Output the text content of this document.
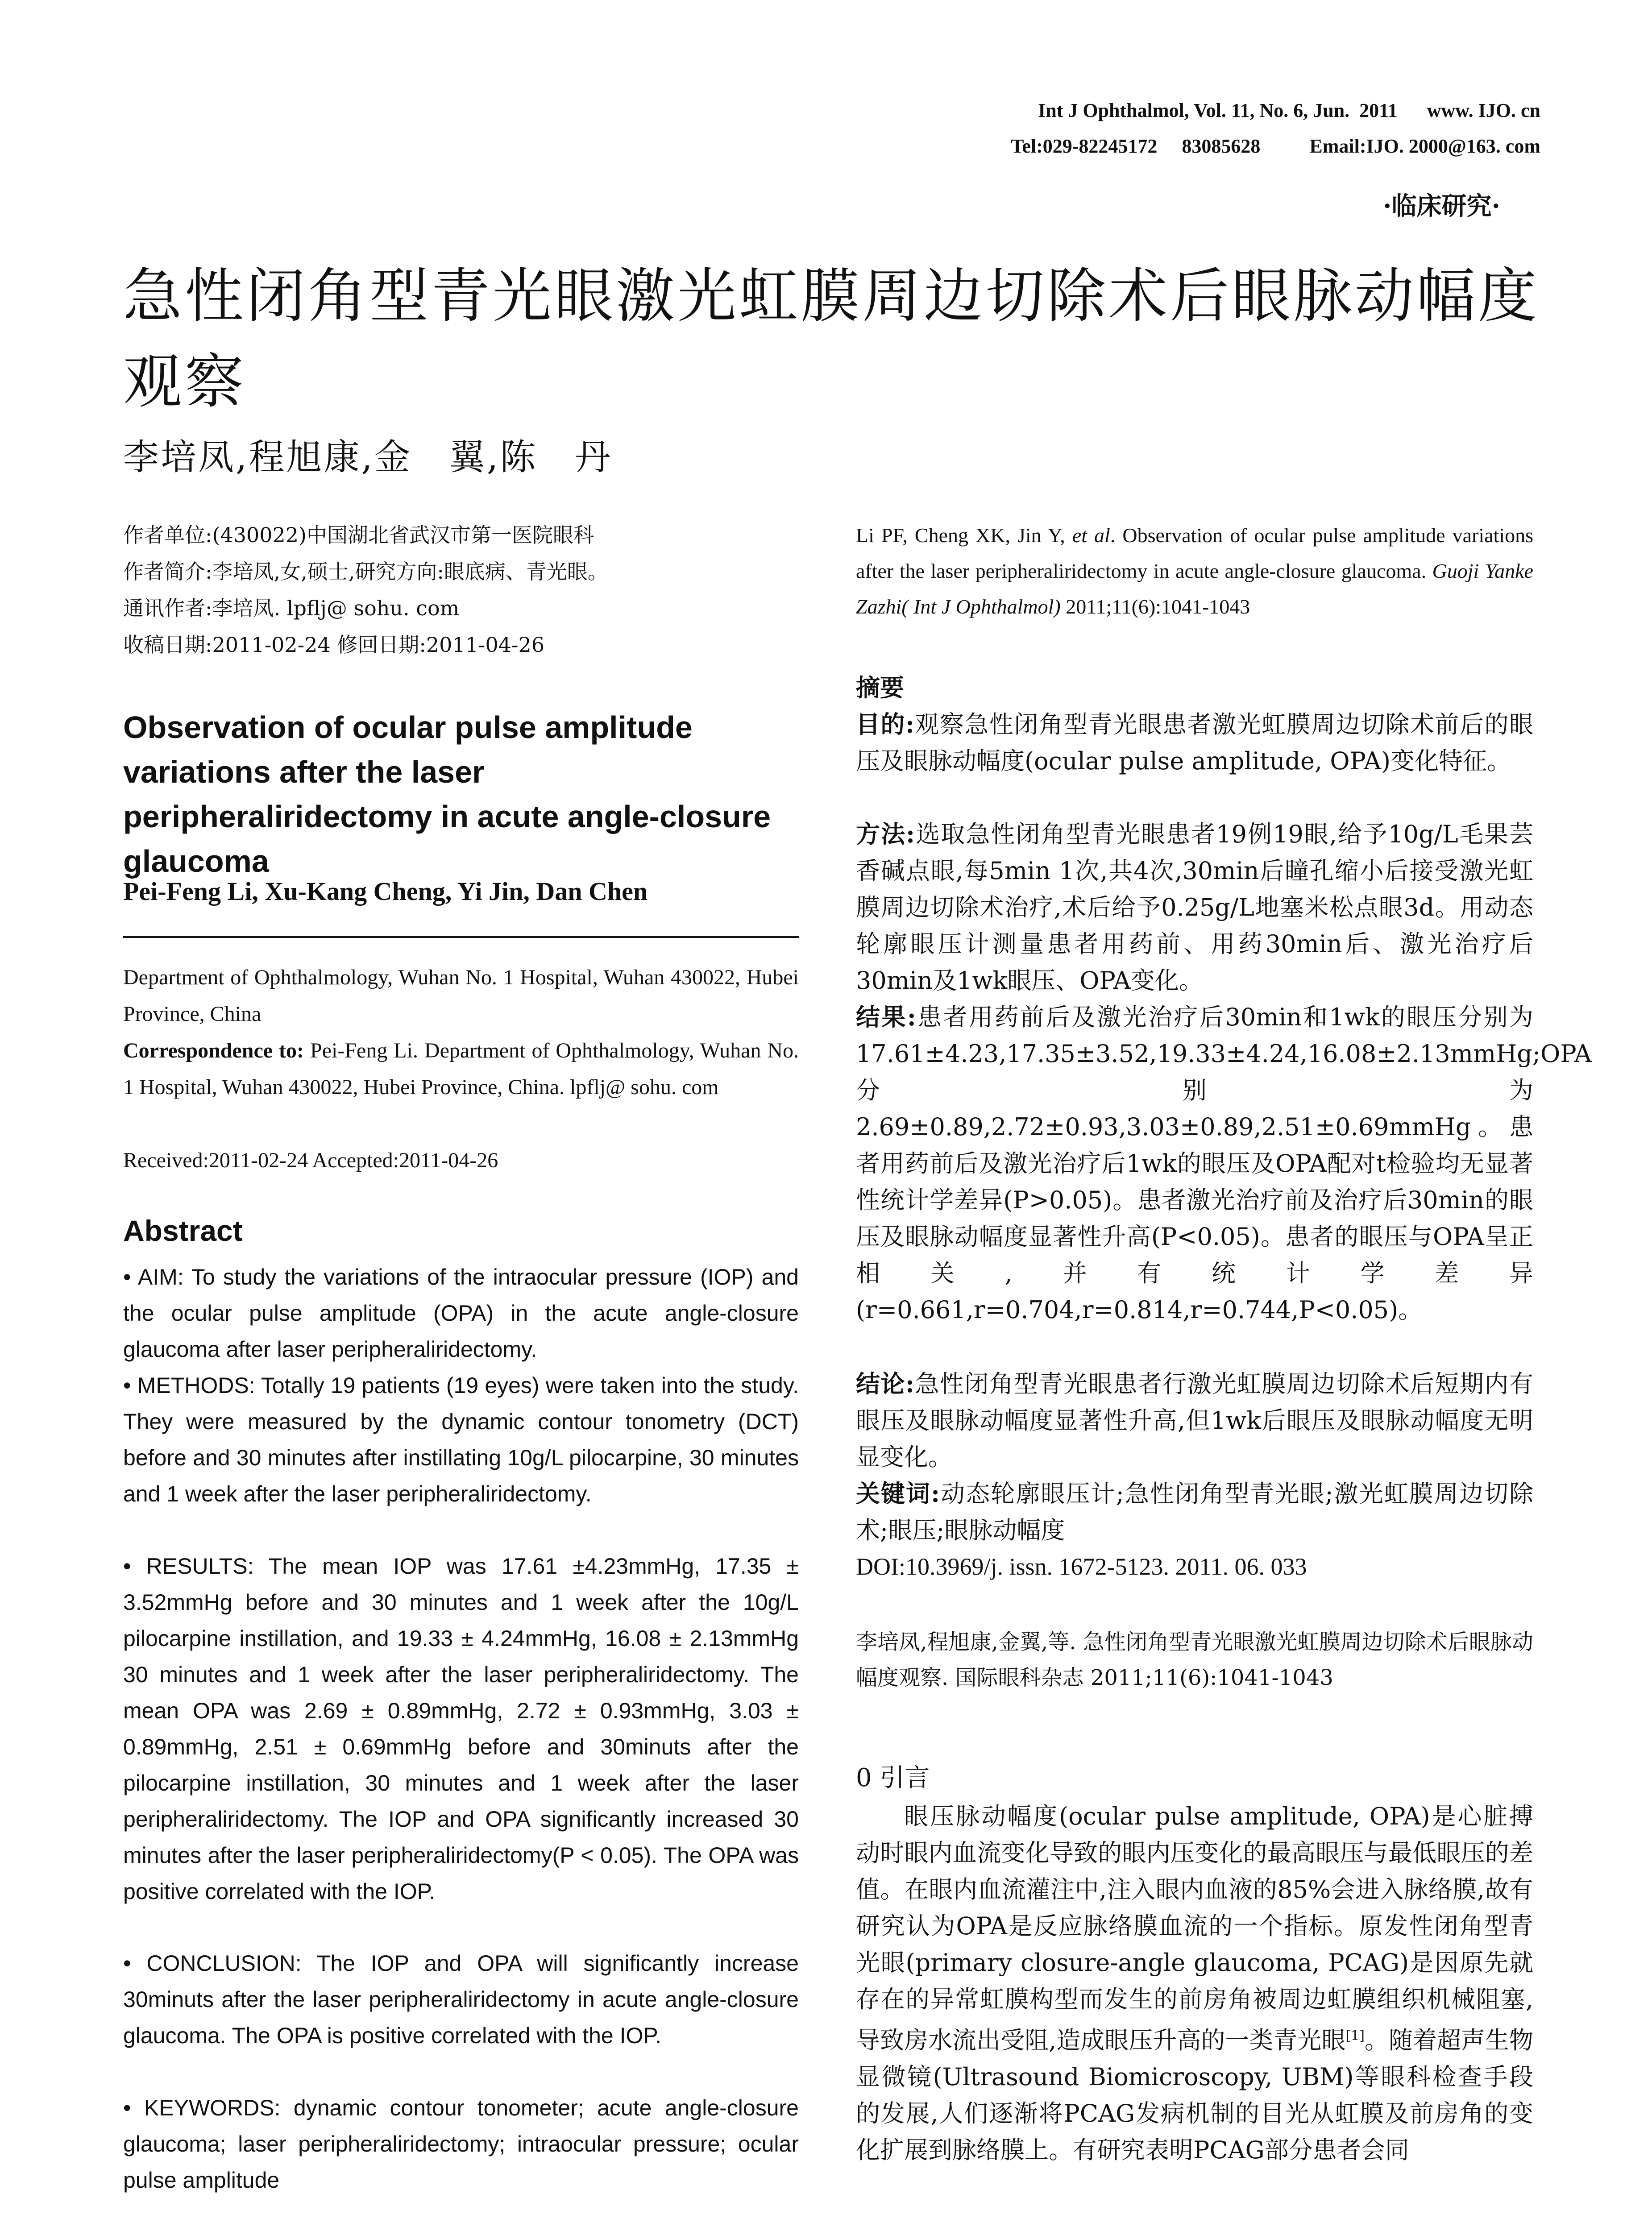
Int J Ophthalmol, Vol. 11, No. 6, Jun.  2011      www. IJO. cn
Tel:029-82245172     83085628          Email:IJO. 2000@163. com
·临床研究·
急性闭角型青光眼激光虹膜周边切除术后眼脉动幅度观察
李培凤,程旭康,金　翼,陈　丹
作者单位:(430022)中国湖北省武汉市第一医院眼科
作者简介:李培凤,女,硕士,研究方向:眼底病、青光眼。
通讯作者:李培凤. lpflj@ sohu. com
收稿日期:2011-02-24 修回日期:2011-04-26
Observation of ocular pulse amplitude variations after the laser peripheraliridectomy in acute angle-closure glaucoma
Pei-Feng Li, Xu-Kang Cheng, Yi Jin, Dan Chen
Department of Ophthalmology, Wuhan No. 1 Hospital, Wuhan 430022, Hubei Province, China
Correspondence to: Pei-Feng Li. Department of Ophthalmology, Wuhan No. 1 Hospital, Wuhan 430022, Hubei Province, China. lpflj@ sohu. com
Received:2011-02-24 Accepted:2011-04-26
Abstract
• AIM: To study the variations of the intraocular pressure (IOP) and the ocular pulse amplitude (OPA) in the acute angle-closure glaucoma after laser peripheraliridectomy.
• METHODS: Totally 19 patients (19 eyes) were taken into the study. They were measured by the dynamic contour tonometry (DCT) before and 30 minutes after instillating 10g/L pilocarpine, 30 minutes and 1 week after the laser peripheraliridectomy.
• RESULTS: The mean IOP was 17.61 ±4.23mmHg, 17.35 ± 3.52mmHg before and 30 minutes and 1 week after the 10g/L pilocarpine instillation, and 19.33 ± 4.24mmHg, 16.08 ± 2.13mmHg 30 minutes and 1 week after the laser peripheraliridectomy. The mean OPA was 2.69 ± 0.89mmHg, 2.72 ± 0.93mmHg, 3.03 ± 0.89mmHg, 2.51 ± 0.69mmHg before and 30minuts after the pilocarpine instillation, 30 minutes and 1 week after the laser peripheraliridectomy. The IOP and OPA significantly increased 30 minutes after the laser peripheraliridectomy(P < 0.05). The OPA was positive correlated with the IOP.
• CONCLUSION: The IOP and OPA will significantly increase 30minuts after the laser peripheraliridectomy in acute angle-closure glaucoma. The OPA is positive correlated with the IOP.
• KEYWORDS: dynamic contour tonometer; acute angle-closure glaucoma; laser peripheraliridectomy; intraocular pressure; ocular pulse amplitude
Li PF, Cheng XK, Jin Y, et al. Observation of ocular pulse amplitude variations after the laser peripheraliridectomy in acute angle-closure glaucoma. Guoji Yanke Zazhi( Int J Ophthalmol) 2011;11(6):1041-1043
摘要
目的:观察急性闭角型青光眼患者激光虹膜周边切除术前后的眼压及眼脉动幅度(ocular pulse amplitude, OPA)变化特征。
方法:选取急性闭角型青光眼患者19例19眼,给予10g/L毛果芸香碱点眼,每5min 1次,共4次,30min后瞳孔缩小后接受激光虹膜周边切除术治疗,术后给予0.25g/L地塞米松点眼3d。用动态轮廓眼压计测量患者用药前、用药30min后、激光治疗后30min及1wk眼压、OPA变化。
结果:患者用药前后及激光治疗后30min和1wk的眼压分别为17.61±4.23,17.35±3.52,19.33±4.24,16.08±2.13mmHg;OPA分别为2.69±0.89,2.72±0.93,3.03±0.89,2.51±0.69mmHg。患者用药前后及激光治疗后1wk的眼压及OPA配对t检验均无显著性统计学差异(P>0.05)。患者激光治疗前及治疗后30min的眼压及眼脉动幅度显著性升高(P<0.05)。患者的眼压与OPA呈正相关,并有统计学差异(r=0.661,r=0.704,r=0.814,r=0.744,P<0.05)。
结论:急性闭角型青光眼患者行激光虹膜周边切除术后短期内有眼压及眼脉动幅度显著性升高,但1wk后眼压及眼脉动幅度无明显变化。
关键词:动态轮廓眼压计;急性闭角型青光眼;激光虹膜周边切除术;眼压;眼脉动幅度
DOI:10.3969/j. issn. 1672-5123. 2011. 06. 033
李培凤,程旭康,金翼,等. 急性闭角型青光眼激光虹膜周边切除术后眼脉动幅度观察. 国际眼科杂志 2011;11(6):1041-1043
0 引言
眼压脉动幅度(ocular pulse amplitude, OPA)是心脏搏动时眼内血流变化导致的眼内压变化的最高眼压与最低眼压的差值。在眼内血流灌注中,注入眼内血液的85%会进入脉络膜,故有研究认为OPA是反应脉络膜血流的一个指标。原发性闭角型青光眼(primary closure-angle glaucoma, PCAG)是因原先就存在的异常虹膜构型而发生的前房角被周边虹膜组织机械阻塞,导致房水流出受阻,造成眼压升高的一类青光眼[1]。随着超声生物显微镜(Ultrasound Biomicroscopy, UBM)等眼科检查手段的发展,人们逐渐将PCAG发病机制的目光从虹膜及前房角的变化扩展到脉络膜上。有研究表明PCAG部分患者会同
